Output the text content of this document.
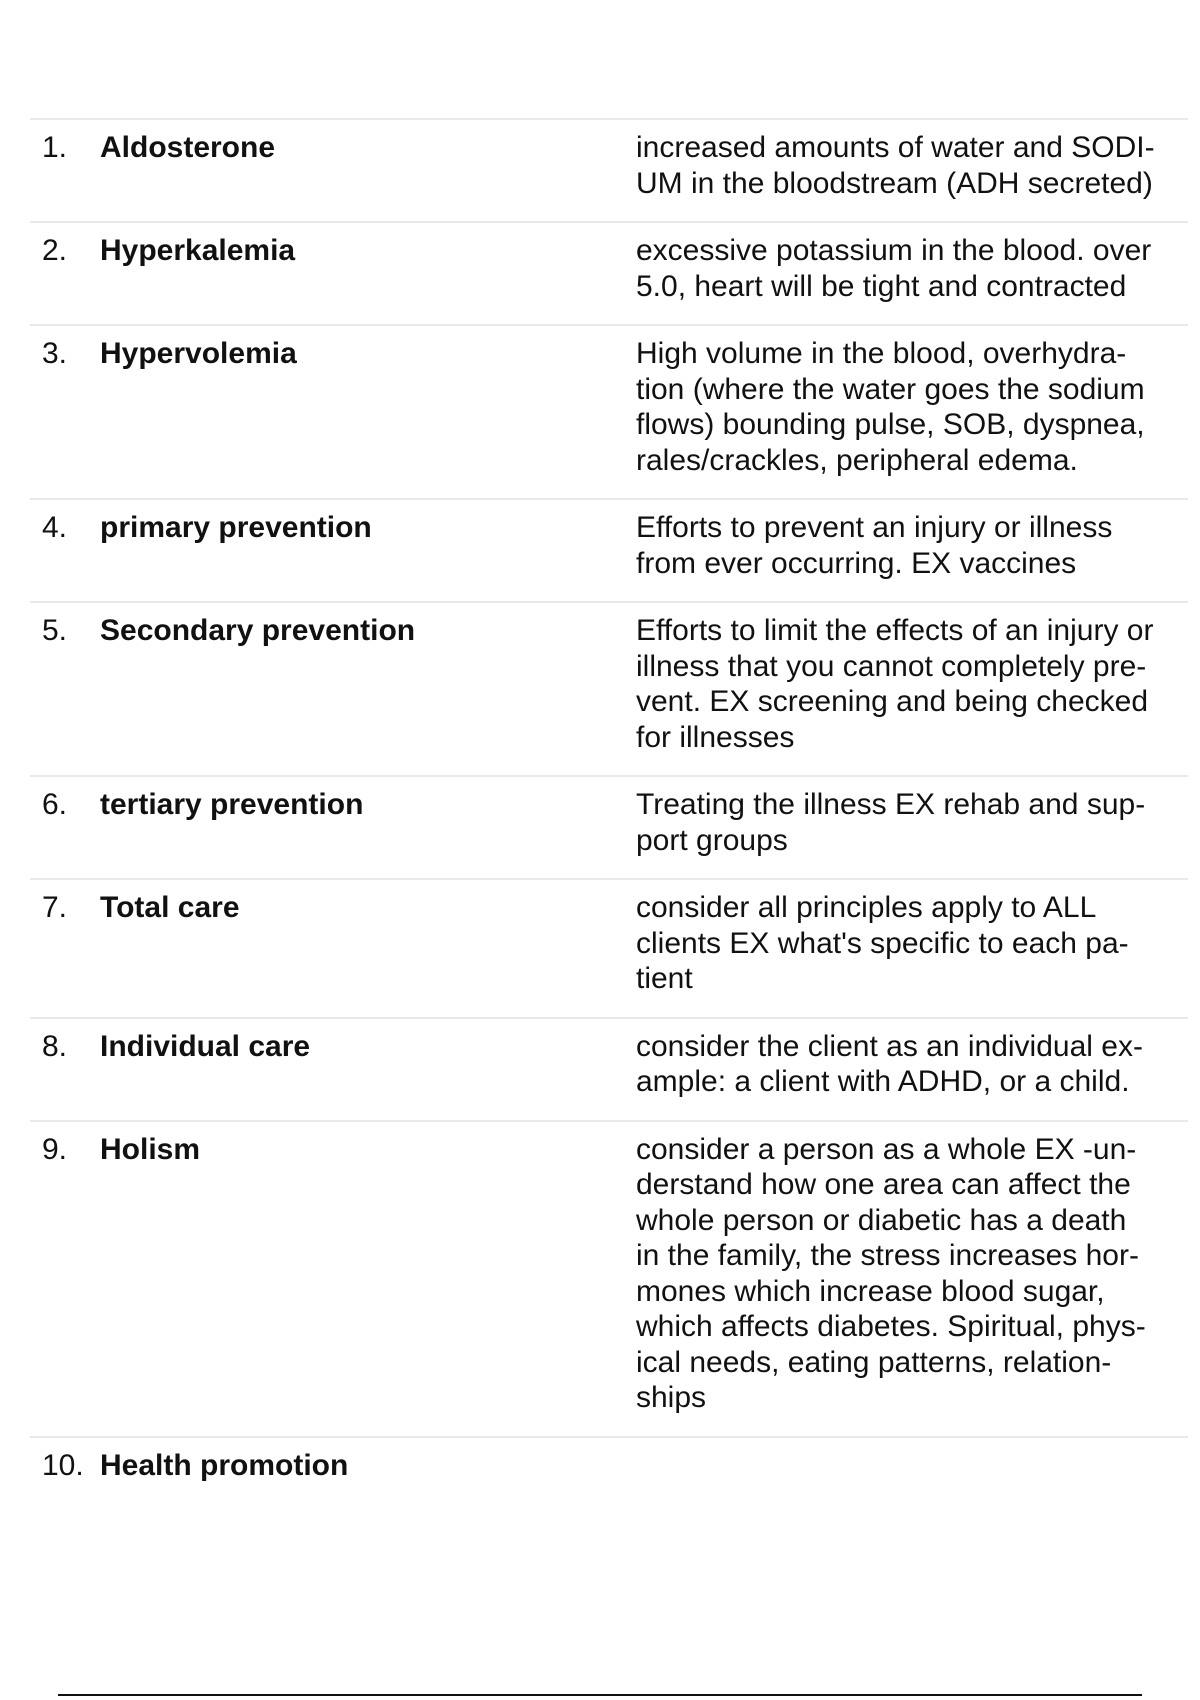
1.	Aldosterone	increased amounts of water and SODI-
UM in the bloodstream (ADH secreted)
2.	Hyperkalemia	excessive potassium in the blood. over
5.0, heart will be tight and contracted
3.	Hypervolemia	High volume in the blood, overhydra-
tion (where the water goes the sodium
flows) bounding pulse, SOB, dyspnea,
rales/crackles, peripheral edema.
4.	primary prevention	Efforts to prevent an injury or illness
from ever occurring. EX vaccines
5.	Secondary prevention	Efforts to limit the effects of an injury or
illness that you cannot completely pre-
vent. EX screening and being checked
for illnesses
6.	tertiary prevention	Treating the illness EX rehab and sup-
port groups
7.	Total care	consider all principles apply to ALL
clients EX what's specific to each pa-
tient
8.	Individual care	consider the client as an individual ex-
ample: a client with ADHD, or a child.
9.	Holism	consider a person as a whole EX -un-
derstand how one area can affect the
whole person or diabetic has a death
in the family, the stress increases hor-
mones which increase blood sugar,
which affects diabetes. Spiritual, phys-
ical needs, eating patterns, relation-
ships
10. Health promotion
